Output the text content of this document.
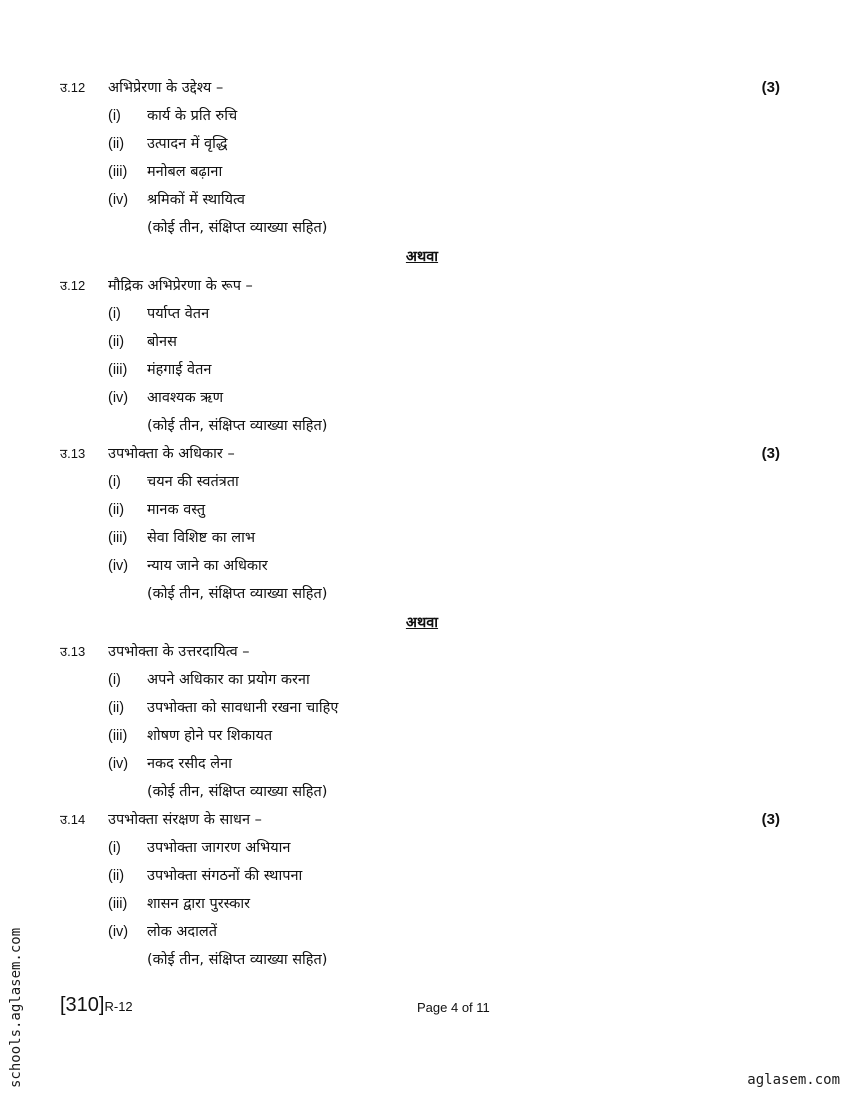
उ.12 अभिप्रेरणा के उद्देश्य –	(3)
(i) कार्य के प्रति रुचि
(ii) उत्पादन में वृद्धि
(iii) मनोबल बढ़ाना
(iv) श्रमिकों में स्थायित्व
(कोई तीन, संक्षिप्त व्याख्या सहित)
अथवा
उ.12 मौद्रिक अभिप्रेरणा के रूप –
(i) पर्याप्त वेतन
(ii) बोनस
(iii) मंहगाई वेतन
(iv) आवश्यक ऋण
(कोई तीन, संक्षिप्त व्याख्या सहित)
उ.13 उपभोक्ता के अधिकार –	(3)
(i) चयन की स्वतंत्रता
(ii) मानक वस्तु
(iii) सेवा विशिष्ट का लाभ
(iv) न्याय जाने का अधिकार
(कोई तीन, संक्षिप्त व्याख्या सहित)
अथवा
उ.13 उपभोक्ता के उत्तरदायित्व –
(i) अपने अधिकार का प्रयोग करना
(ii) उपभोक्ता को सावधानी रखना चाहिए
(iii) शोषण होने पर शिकायत
(iv) नकद रसीद लेना
(कोई तीन, संक्षिप्त व्याख्या सहित)
उ.14 उपभोक्ता संरक्षण के साधन –	(3)
(i) उपभोक्ता जागरण अभियान
(ii) उपभोक्ता संगठनों की स्थापना
(iii) शासन द्वारा पुरस्कार
(iv) लोक अदालतें
(कोई तीन, संक्षिप्त व्याख्या सहित)
[310]R-12	Page 4 of 11
schools.aglasem.com	aglasem.com
